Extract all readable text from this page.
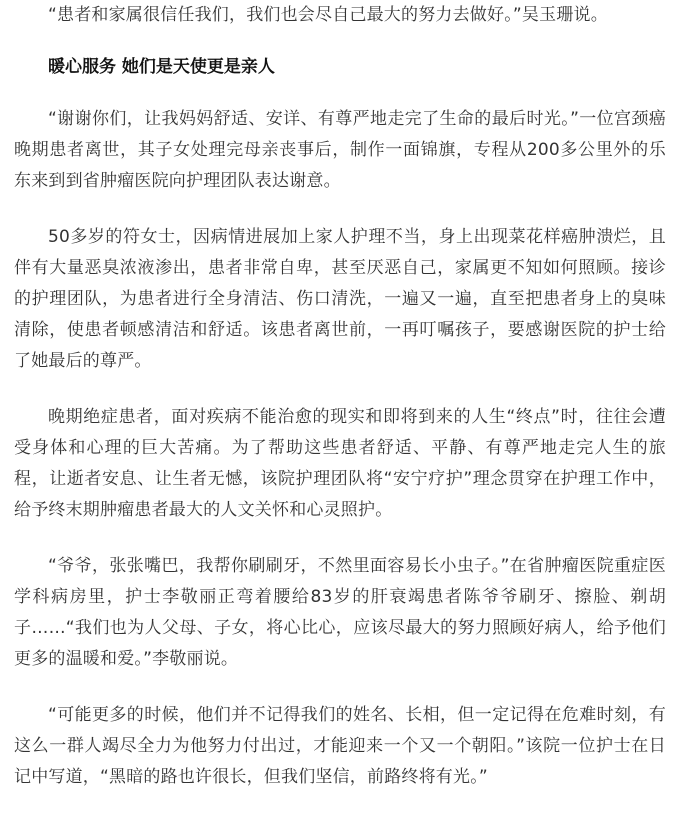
“患者和家属很信任我们，我们也会尽自己最大的努力去做好。”吴玉珊说。

暖心服务 她们是天使更是亲人

“谢谢你们，让我妈妈舒适、安详、有尊严地走完了生命的最后时光。”一位宫颈癌晚期患者离世，其子女处理完母亲丧事后，制作一面锦旗，专程从200多公里外的乐东来到到省肿瘤医院向护理团队表达谢意。

50多岁的符女士，因病情进展加上家人护理不当，身上出现菜花样癌肿溃烂，且伴有大量恶臭浓液渗出，患者非常自卑，甚至厌恶自己，家属更不知如何照顾。接诊的护理团队，为患者进行全身清洁、伤口清洗，一遍又一遍，直至把患者身上的臭味清除，使患者顿感清洁和舒适。该患者离世前，一再叮嘱孩子，要感谢医院的护士给了她最后的尊严。

晚期绝症患者，面对疾病不能治愈的现实和即将到来的人生“终点”时，往往会遭受身体和心理的巨大苦痛。为了帮助这些患者舒适、平静、有尊严地走完人生的旅程，让逝者安息、让生者无憾，该院护理团队将“安宁疗护”理念贯穿在护理工作中，给予终末期肿瘤患者最大的人文关怀和心灵照护。

“爷爷，张张嘴巴，我帮你刷刷牙，不然里面容易长小虫子。”在省肿瘤医院重症医学科病房里，护士李敬丽正弯着腰给83岁的肝衰竭患者陈爷爷刷牙、擦脸、剃胡子……“我们也为人父母、子女，将心比心，应该尽最大的努力照顾好病人，给予他们更多的温暖和爱。”李敬丽说。

“可能更多的时候，他们并不记得我们的姓名、长相，但一定记得在危难时刻，有这么一群人竭尽全力为他努力付出过，才能迎来一个又一个朝阳。”该院一位护士在日记中写道，“黑暗的路也许很长，但我们坚信，前路终将有光。”
